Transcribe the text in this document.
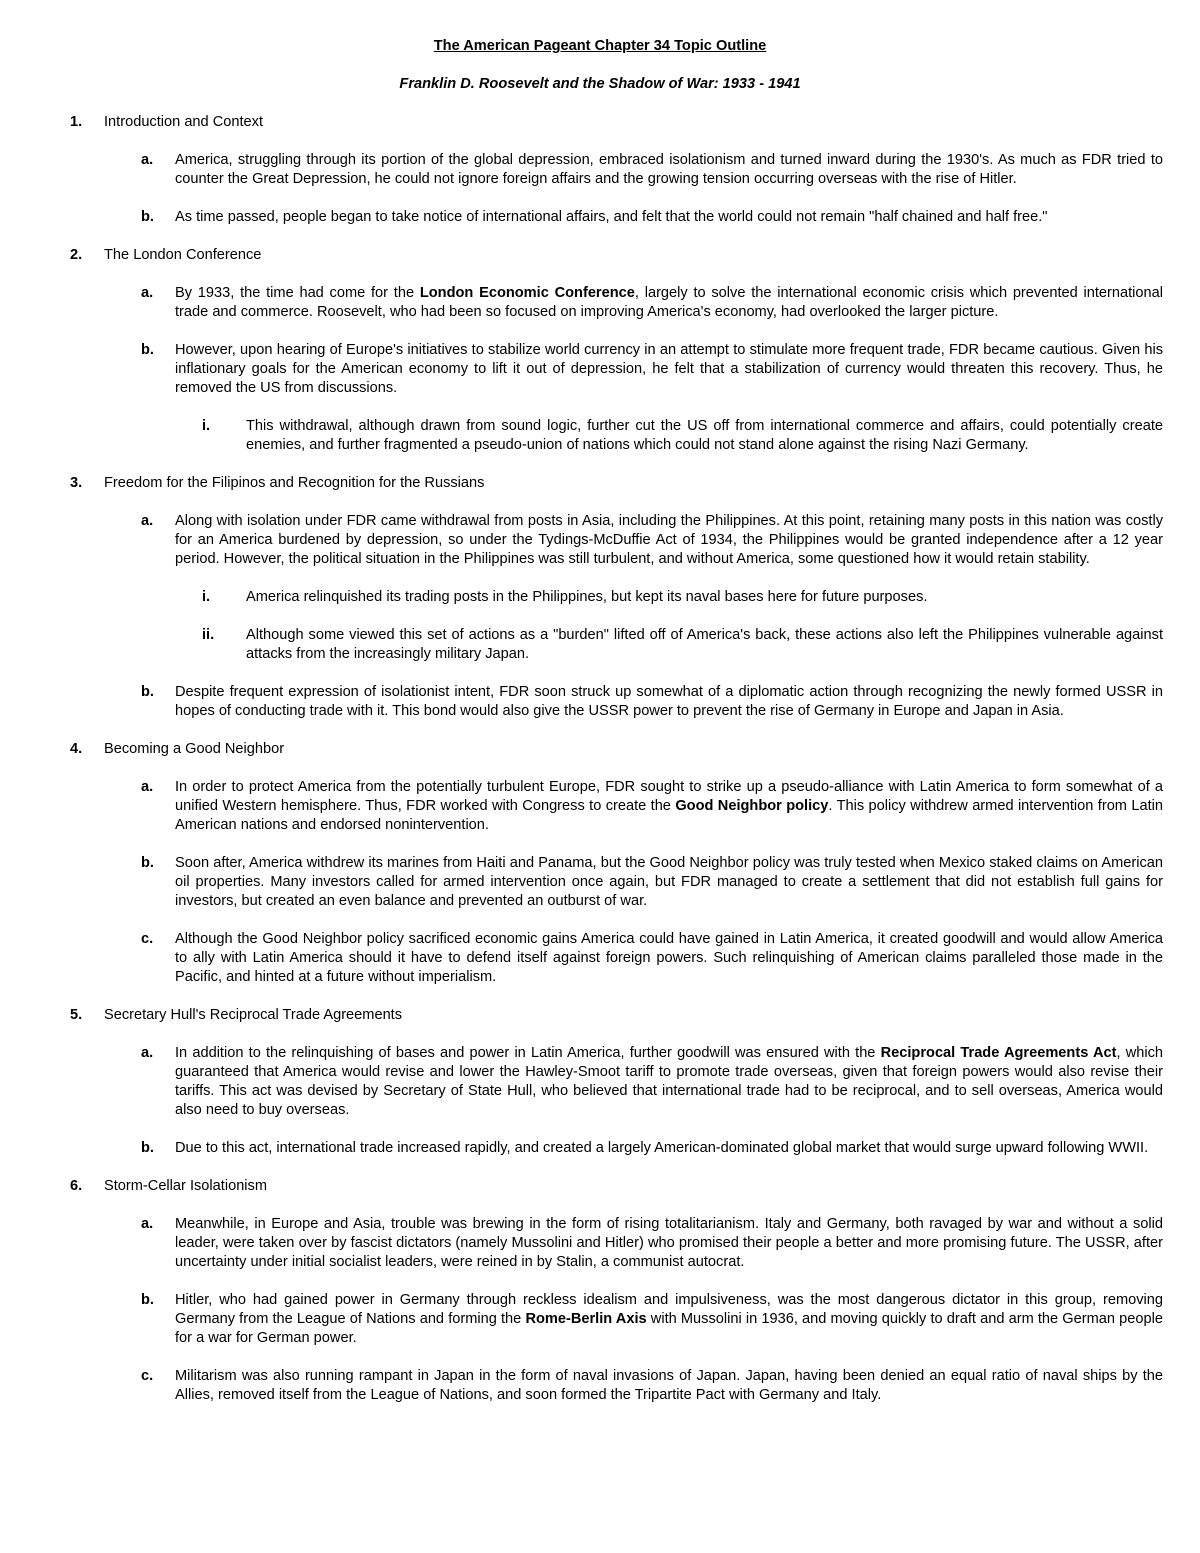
The American Pageant Chapter 34 Topic Outline
Franklin D. Roosevelt and the Shadow of War: 1933 - 1941
1. Introduction and Context
a. America, struggling through its portion of the global depression, embraced isolationism and turned inward during the 1930's. As much as FDR tried to counter the Great Depression, he could not ignore foreign affairs and the growing tension occurring overseas with the rise of Hitler.
b. As time passed, people began to take notice of international affairs, and felt that the world could not remain "half chained and half free."
2. The London Conference
a. By 1933, the time had come for the London Economic Conference, largely to solve the international economic crisis which prevented international trade and commerce. Roosevelt, who had been so focused on improving America's economy, had overlooked the larger picture.
b. However, upon hearing of Europe's initiatives to stabilize world currency in an attempt to stimulate more frequent trade, FDR became cautious. Given his inflationary goals for the American economy to lift it out of depression, he felt that a stabilization of currency would threaten this recovery. Thus, he removed the US from discussions.
i. This withdrawal, although drawn from sound logic, further cut the US off from international commerce and affairs, could potentially create enemies, and further fragmented a pseudo-union of nations which could not stand alone against the rising Nazi Germany.
3. Freedom for the Filipinos and Recognition for the Russians
a. Along with isolation under FDR came withdrawal from posts in Asia, including the Philippines. At this point, retaining many posts in this nation was costly for an America burdened by depression, so under the Tydings-McDuffie Act of 1934, the Philippines would be granted independence after a 12 year period. However, the political situation in the Philippines was still turbulent, and without America, some questioned how it would retain stability.
i. America relinquished its trading posts in the Philippines, but kept its naval bases here for future purposes.
ii. Although some viewed this set of actions as a "burden" lifted off of America's back, these actions also left the Philippines vulnerable against attacks from the increasingly military Japan.
b. Despite frequent expression of isolationist intent, FDR soon struck up somewhat of a diplomatic action through recognizing the newly formed USSR in hopes of conducting trade with it. This bond would also give the USSR power to prevent the rise of Germany in Europe and Japan in Asia.
4. Becoming a Good Neighbor
a. In order to protect America from the potentially turbulent Europe, FDR sought to strike up a pseudo-alliance with Latin America to form somewhat of a unified Western hemisphere. Thus, FDR worked with Congress to create the Good Neighbor policy. This policy withdrew armed intervention from Latin American nations and endorsed nonintervention.
b. Soon after, America withdrew its marines from Haiti and Panama, but the Good Neighbor policy was truly tested when Mexico staked claims on American oil properties. Many investors called for armed intervention once again, but FDR managed to create a settlement that did not establish full gains for investors, but created an even balance and prevented an outburst of war.
c. Although the Good Neighbor policy sacrificed economic gains America could have gained in Latin America, it created goodwill and would allow America to ally with Latin America should it have to defend itself against foreign powers. Such relinquishing of American claims paralleled those made in the Pacific, and hinted at a future without imperialism.
5. Secretary Hull's Reciprocal Trade Agreements
a. In addition to the relinquishing of bases and power in Latin America, further goodwill was ensured with the Reciprocal Trade Agreements Act, which guaranteed that America would revise and lower the Hawley-Smoot tariff to promote trade overseas, given that foreign powers would also revise their tariffs. This act was devised by Secretary of State Hull, who believed that international trade had to be reciprocal, and to sell overseas, America would also need to buy overseas.
b. Due to this act, international trade increased rapidly, and created a largely American-dominated global market that would surge upward following WWII.
6. Storm-Cellar Isolationism
a. Meanwhile, in Europe and Asia, trouble was brewing in the form of rising totalitarianism. Italy and Germany, both ravaged by war and without a solid leader, were taken over by fascist dictators (namely Mussolini and Hitler) who promised their people a better and more promising future. The USSR, after uncertainty under initial socialist leaders, were reined in by Stalin, a communist autocrat.
b. Hitler, who had gained power in Germany through reckless idealism and impulsiveness, was the most dangerous dictator in this group, removing Germany from the League of Nations and forming the Rome-Berlin Axis with Mussolini in 1936, and moving quickly to draft and arm the German people for a war for German power.
c. Militarism was also running rampant in Japan in the form of naval invasions of Japan. Japan, having been denied an equal ratio of naval ships by the Allies, removed itself from the League of Nations, and soon formed the Tripartite Pact with Germany and Italy.
